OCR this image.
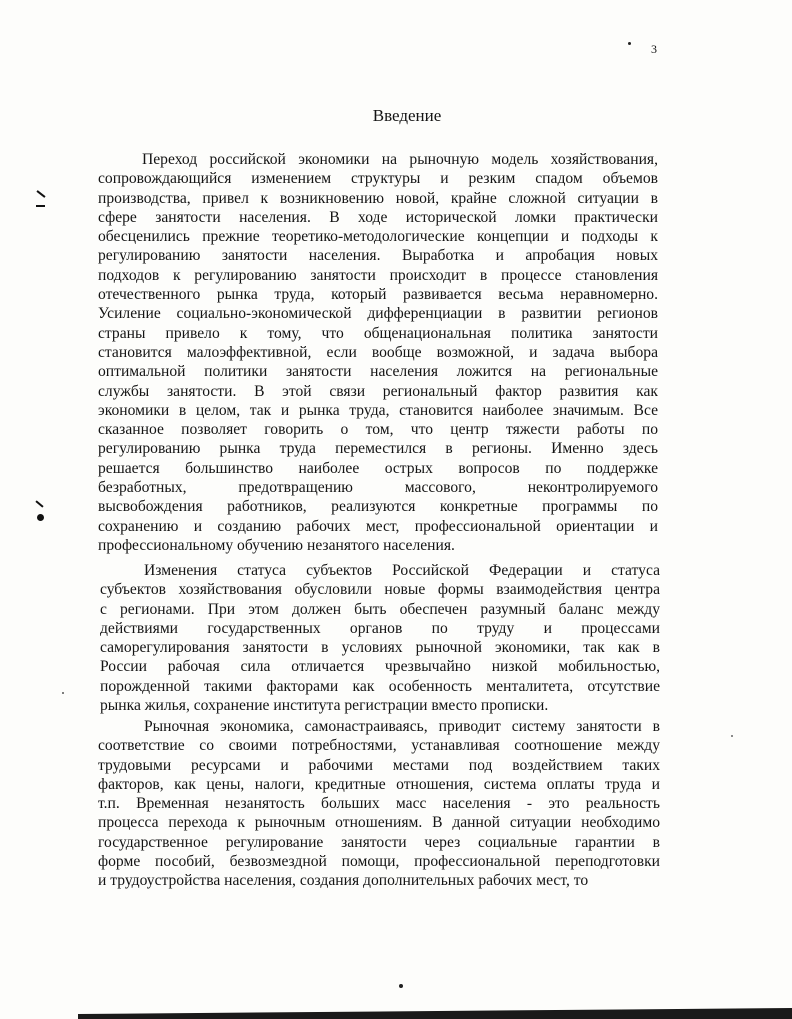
3
Введение
Переход российской экономики на рыночную модель хозяйствования,
сопровождающийся изменением структуры и резким спадом объемов
производства, привел к возникновению новой, крайне сложной ситуации в
сфере занятости населения. В ходе исторической ломки практически
обесценились прежние теоретико-методологические концепции и подходы к
регулированию занятости населения. Выработка и апробация новых
подходов к регулированию занятости происходит в процессе становления
отечественного рынка труда, который развивается весьма неравномерно.
Усиление социально-экономической дифференциации в развитии регионов
страны привело к тому, что общенациональная политика занятости
становится малоэффективной, если вообще возможной, и задача выбора
оптимальной политики занятости населения ложится на региональные
службы занятости. В этой связи региональный фактор развития как
экономики в целом, так и рынка труда, становится наиболее значимым. Все
сказанное позволяет говорить о том, что центр тяжести работы по
регулированию рынка труда переместился в регионы. Именно здесь
решается большинство наиболее острых вопросов по поддержке
безработных, предотвращению массового, неконтролируемого
высвобождения работников, реализуются конкретные программы по
сохранению и созданию рабочих мест, профессиональной ориентации и
профессиональному обучению незанятого населения.
Изменения статуса субъектов Российской Федерации и статуса
субъектов хозяйствования обусловили новые формы взаимодействия центра
с регионами. При этом должен быть обеспечен разумный баланс между
действиями государственных органов по труду и процессами
саморегулирования занятости в условиях рыночной экономики, так как в
России рабочая сила отличается чрезвычайно низкой мобильностью,
порожденной такими факторами как особенность менталитета, отсутствие
рынка жилья, сохранение института регистрации вместо прописки.
Рыночная экономика, самонастраиваясь, приводит систему занятости в
соответствие со своими потребностями, устанавливая соотношение между
трудовыми ресурсами и рабочими местами под воздействием таких
факторов, как цены, налоги, кредитные отношения, система оплаты труда и
т.п. Временная незанятость больших масс населения - это реальность
процесса перехода к рыночным отношениям. В данной ситуации необходимо
государственное регулирование занятости через социальные гарантии в
форме пособий, безвозмездной помощи, профессиональной переподготовки
и трудоустройства населения, создания дополнительных рабочих мест, то
